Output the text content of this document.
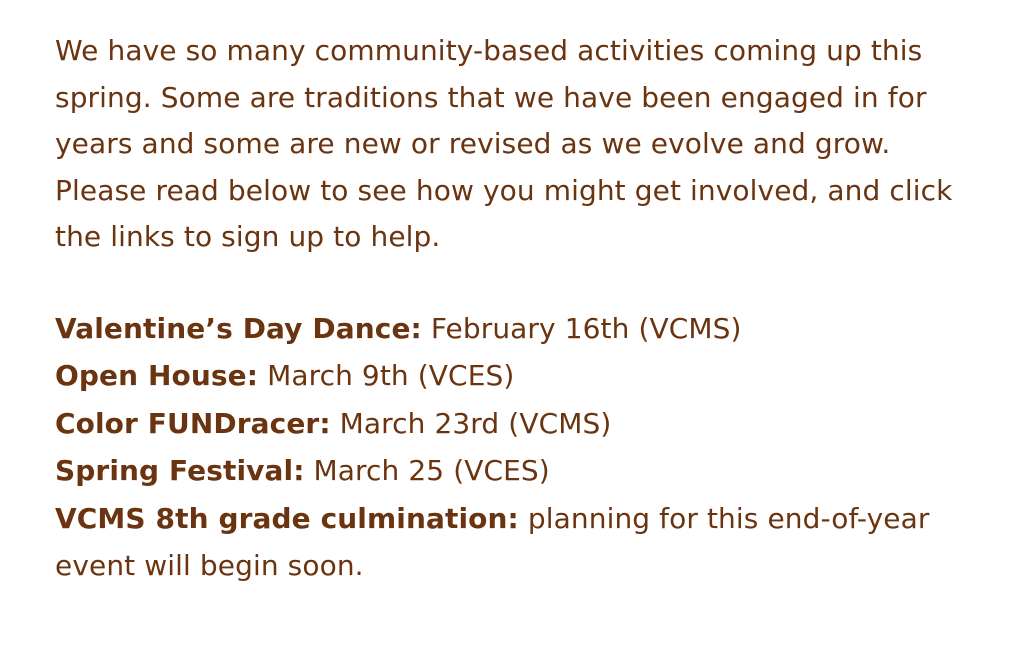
We have so many community-based activities coming up this spring. Some are traditions that we have been engaged in for years and some are new or revised as we evolve and grow. Please read below to see how you might get involved, and click the links to sign up to help.

Valentine’s Day Dance: February 16th (VCMS)

Open House: March 9th (VCES)

Color FUNDracer: March 23rd (VCMS)

Spring Festival: March 25 (VCES)

VCMS 8th grade culmination: planning for this end-of-year event will begin soon.
